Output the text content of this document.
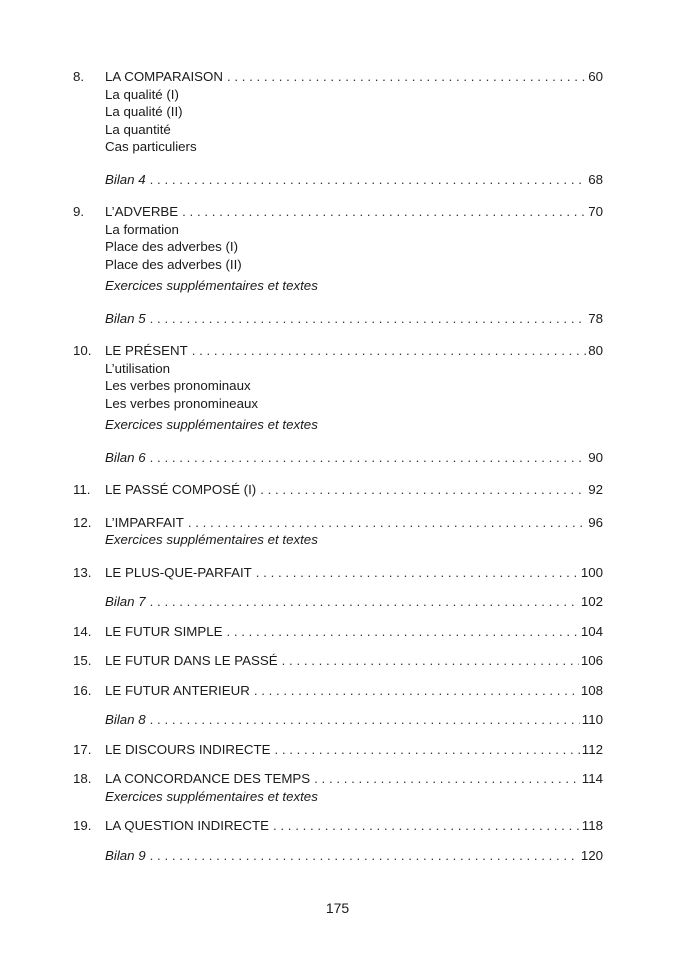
8.	LA COMPARAISON . . .	60
La qualité (I)
La qualité (II)
La quantité
Cas particuliers
Bilan 4 . . .	68
9.	L’ADVERBE . . .	70
La formation
Place des adverbes (I)
Place des adverbes (II)
Exercices supplémentaires et textes
Bilan 5 . . .	78
10.	LE PRÉSENT . . .	80
L’utilisation
Les verbes pronominaux
Les verbes pronomineaux
Exercices supplémentaires et textes
Bilan 6 . . .	90
11.	LE PASSÉ COMPOSÉ (I) . . .	92
12.	L’IMPARFAIT . . .	96
Exercices supplémentaires et textes
13.	LE PLUS-QUE-PARFAIT . . .	100
Bilan 7 . . .	102
14.	LE FUTUR SIMPLE . . .	104
15.	LE FUTUR DANS LE PASSÉ . . .	106
16.	LE FUTUR ANTERIEUR . . .	108
Bilan 8 . . .	110
17.	LE DISCOURS INDIRECTE . . .	112
18.	LA CONCORDANCE DES TEMPS . . .	114
Exercices supplémentaires et textes
19.	LA QUESTION INDIRECTE . . .	118
Bilan 9 . . .	120
175
